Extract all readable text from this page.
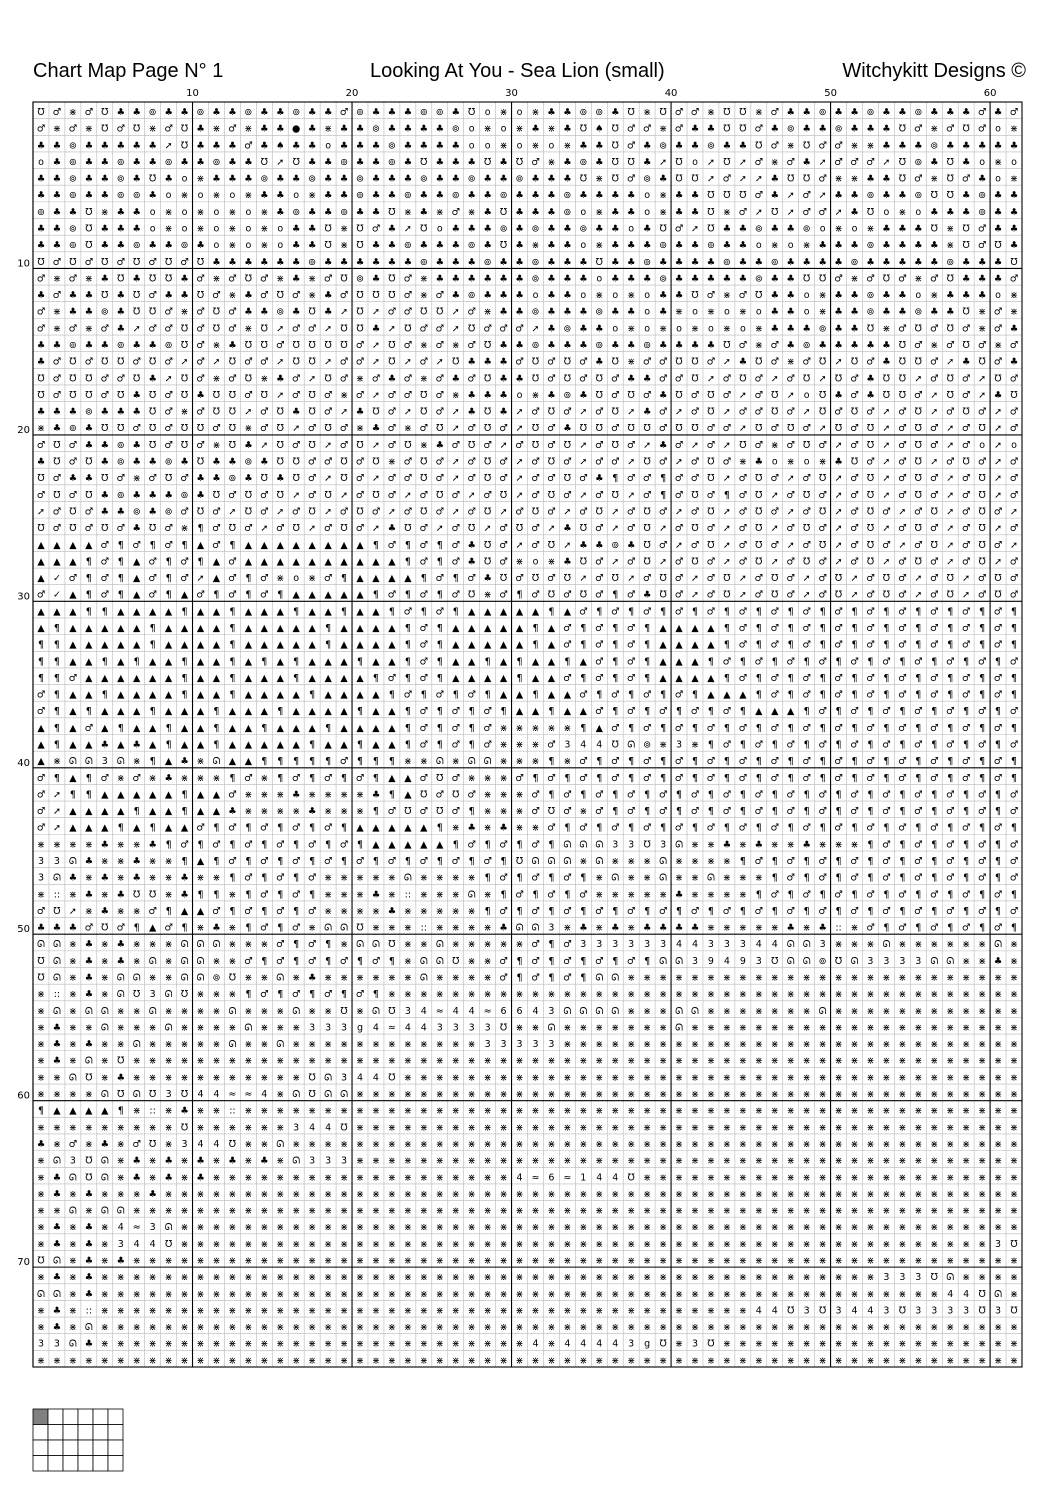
Chart Map Page N° 1	Looking At You - Sea Lion (small)	Witchykitt Designs ©
Ʊ ♂ ⋇ ♂ Ʊ ♣ ♣ ⊚ ♣ ♣ ⊚ ♣ ♣ ⊚ ♣ ♣ ⊚ ♣ ♣ ♂ ⊚ ♣ ♣ ♣ ⊚ ⊚ ♣ Ʊ o ⋇ o ⋇ ♣ ♣ ⊚ ⊚ ♣ Ʊ ⋇ Ʊ ♂ ♂ ⋇ Ʊ Ʊ ⋇ ♂ ♣ ♣ ⊚ ♣ ♣ ⊚ ♣ ♣ ⊚ ♣ ♣ ♣ ♂ ♣ ♂
♂ ⋇ ♂ ⋇ Ʊ ♂ Ʊ ⋇ ♂ Ʊ ♣ ⋇ ♂ ⋇ ♣ ♣ ● ♣ ⋇ ♣ ♣ ⊚ ♣ ♣ ♣ ♣ ⊚ o ⋇ o ⋇ ♣ ⋇ ♣ Ʊ ♠ Ʊ ♂ ♂ ⋇ ♂ ♣ ♣ Ʊ Ʊ ♂ ♣ ⊚ ♣ ♣ ⊚ ♣ ♣ ♣ Ʊ ♂ ⋇ ♂ Ʊ ♂ o ⋇
♣ ♣ ⊚ ♣ ♣ ♣ ♣ ♣ ➚ Ʊ ♣ ♣ ♣ ♂ ♣ ♠ ♣ ♣ o ♣ ♣ ♣ ⊚ ♣ ♣ ♣ ♣ o o ⋇ o ⋇ o ⋇ ♣ ♣ Ʊ ♂ ♣ ⊚ ♣ ♣ ⊚ ♣ ♣ Ʊ ♂ ⋇ Ʊ ♂ ♂ ⋇ ⋇ ♣ ♣ ♣ ⊚ ♣ ♣ ♣ ♣ ♣
o ♣ ⊚ ♣ ♣ ⊚ ♣ ♣ ⊚ ♣ ♣ ⊚ ♣ ♣ Ʊ ➚ Ʊ ♣ ♣ ⊚ ♣ ♣ ⊚ ♣ Ʊ ♣ ♣ ♣ Ʊ ♣ Ʊ ♂ ⋇ ♣ ⊚ ♣ Ʊ Ʊ ♣ ➚ Ʊ o ➚ Ʊ ➚ ♂ ⋇ ♂ ♣ ➚ ♂ ♂ ♂ ➚ Ʊ ⊚ ♣ Ʊ ♣ o ⋇ o
♣ ♣ ⊚ ♣ ♣ ⊚ ♣ Ʊ ♣ o ⋇ ♣ ♣ ♣ ⊚ ♣ ♣ ⊚ ♣ ♣ ⊚ ♣ ♣ ♣ ⊚ ♣ ♣ ⊚ ♣ ♣ ⊚ ♣ ♣ ♣ Ʊ ⋇ Ʊ ♂ ⊚ ♣ Ʊ Ʊ ➚ ♂ ➚ ➚ ♣ Ʊ Ʊ ♂ ⋇ ⋇ ♣ ♣ Ʊ ♂ ⋇ Ʊ ♂ ♣ o ⋇
♣ ♣ ⊚ ♣ ♣ ⊚ ⊚ ♣ o ⋇ o ⋇ o ⋇ ♣ ♣ o ⋇ ♣ ♣ ⊚ ♣ ♣ ⊚ ♣ ♣ ⊚ ♣ ♣ ⊚ ♣ ♣ ♣ ⊚ ♣ ♣ ♣ ♣ o ⋇ ♣ ♣ Ʊ Ʊ Ʊ ♂ ♣ ➚ ♂ ➚ ♣ ♣ ⊚ ♣ ♣ ⊚ Ʊ Ʊ ♣ ⊚ ♣ ♣
⊚ ♣ ♣ Ʊ ⋇ ♣ ♣ o ⋇ o ⋇ o ⋇ o ⋇ ♣ ⊚ ♣ ♣ ⊚ ♣ ♣ Ʊ ⋇ ♣ ⋇ ♂ ⋇ ♣ Ʊ ♣ ♣ ♣ ⊚ o ⋇ ♣ ♣ o ⋇ ♣ ♣ Ʊ ⋇ ♂ ➚ Ʊ ➚ ♂ ♂ ➚ ♣ Ʊ o ⋇ o ♣ ♣ ♣ ⊚ ♣ ♣
♣ ♣ ⊚ Ʊ ♣ ♣ ♣ o ⋇ o ⋇ o ⋇ o ⋇ o ♣ ♣ Ʊ ⋇ Ʊ ♂ ♣ ➚ Ʊ o ♣ ♣ ♣ ⊚ ♣ ⊚ ♣ ♣ ⊚ ♣ ♣ o ♣ Ʊ ♂ ➚ Ʊ ♣ ♣ ⊚ ♣ ♣ ⊚ o ⋇ o ⋇ ♣ ♣ ♣ Ʊ ⋇ Ʊ ♂ ♣ ♣
♣ ♣ ⊚ Ʊ ♣ ♣ ⊚ ♣ ♣ ⊚ ♣ o ⋇ o ⋇ o ♣ ♣ Ʊ ⋇ Ʊ ♣ ♣ ⊚ ♣ ♣ ♣ ⊚ ♣ Ʊ ♣ ⋇ ♣ ♣ o ⋇ ♣ ♣ ♣ ⊚ ♣ ♣ ⊚ ♣ ♣ o ⋇ o ⋇ ♣ ♣ ♣ ⊚ ♣ ♣ ♣ ♣ ⋇ Ʊ ♂ Ʊ ♣
Ʊ ♂ Ʊ ♂ Ʊ ♂ Ʊ ♂ Ʊ ♂ Ʊ ♣ ♣ ♣ ♣ ♣ ♣ ⊚ ♣ ♣ ♣ ♣ ♣ ♣ ⊚ ♣ ♣ ♣ ⊚ ♣ ♣ ⊚ ♣ ♣ ♣ Ʊ ♣ ♣ ⊚ ♣ ♣ ♣ ♣ ⊚ ♣ ♣ ⊚ ♣ ♣ ♣ ♣ ⊚ ♣ ♣ ♣ ♣ ♣ ⊚ ♣ ♣ ♣ Ʊ
♂ ⋇ ♂ ⋇ ♣ Ʊ ♣ Ʊ Ʊ ♣ ♂ ⋇ ♂ Ʊ ♂ ⋇ ♣ ⋇ ♂ Ʊ ⊚ ♣ Ʊ ♂ ⋇ ♣ ♣ ♣ ♣ ♣ ♣ ⊚ ♣ ♣ ♣ o ♣ ♣ ♣ ⊚ ♣ ♣ ♣ ♣ ♣ ⊚ ♣ ♣ Ʊ Ʊ ♂ ⋇ ♂ Ʊ ♂ ⋇ ♂ Ʊ ♣ ♣ ♣ ♂
♣ ♂ ♣ ♣ Ʊ ♣ Ʊ ♂ ♣ ♣ Ʊ ♂ ⋇ ♣ ♂ Ʊ ♂ ⋇ ♣ ♂ Ʊ Ʊ Ʊ ♂ ⋇ ♂ ♣ ⊚ ♣ ♣ ♣ o ♣ ♣ o ⋇ o ⋇ o ♣ ♣ Ʊ ♂ ⋇ ♂ Ʊ ♣ ♣ o ⋇ ♣ ♣ ⊚ ♣ ♣ o ⋇ ♣ ♣ ♣ o ⋇
♂ ⋇ ♣ ♣ ⊚ ♣ Ʊ Ʊ ♂ ⋇ ♂ Ʊ ♂ ♣ ♣ ⊚ ♣ Ʊ ♣ ➚ Ʊ ➚ ♂ ♂ Ʊ Ʊ ➚ ♂ ⋇ ♣ ♣ ⊚ ♣ ♣ ♣ ⊚ ♣ ♣ o ♣ ⋇ o ⋇ o ⋇ o ♣ ♣ o ⋇ ♣ ♣ ⊚ ♣ ♣ ⊚ ♣ ♣ Ʊ ⋇ ♂ ⋇
♂ ⋇ ♂ ⋇ ♂ ♣ ➚ ♂ ♂ Ʊ ♂ Ʊ ♂ ⋇ Ʊ ➚ ♂ ♂ ➚ Ʊ Ʊ ♣ ➚ Ʊ ♂ ♂ ➚ Ʊ ♂ ♂ ♂ ➚ ♣ ⊚ ♣ ♣ o ⋇ o ⋇ o ⋇ o ⋇ o ⋇ ♣ ♣ ♣ ⊚ ♣ ♣ Ʊ ⋇ ♂ Ʊ ♂ Ʊ ♂ ⋇ ♂ ♣
♣ ♣ ⊚ ♣ ♣ ⊚ ♣ ♣ ⊚ Ʊ ♂ ⋇ ♣ Ʊ Ʊ ♂ Ʊ Ʊ Ʊ Ʊ ♂ ➚ Ʊ ♂ ⋇ ♂ ⋇ ♂ Ʊ ♣ ♣ ⊚ ♣ ♣ ♣ ⊚ ♣ ♣ ⊚ ♣ ♣ ♣ ♣ Ʊ ♂ ⋇ ♂ ♣ ⊚ ♣ ♣ ♣ ♣ ♣ Ʊ ♂ ⋇ ♂ Ʊ ♂ ⋇ ♂
♣ ♂ Ʊ ♂ Ʊ Ʊ ♂ Ʊ ♂ ➚ ♂ ➚ Ʊ ♂ ♂ ➚ Ʊ Ʊ ➚ ♂ ♂ ➚ Ʊ ➚ ♂ ➚ Ʊ ♣ ♣ ♣ ♂ Ʊ ♂ Ʊ ♂ ♣ Ʊ ⋇ ♂ ♂ Ʊ Ʊ ♂ ➚ ♣ Ʊ ♂ ⋇ ♂ Ʊ ➚ Ʊ ♂ ♣ Ʊ Ʊ ♂ ➚ ♣ Ʊ ♂ ♣
Ʊ ♂ Ʊ Ʊ ♂ ♂ Ʊ ♣ ➚ Ʊ ♂ ⋇ ♂ Ʊ ⋇ ♣ ♂ ➚ Ʊ ♂ ⋇ ♂ ♣ ♂ ⋇ ♂ ♣ ♂ Ʊ ♣ ♣ Ʊ ♂ Ʊ ♂ Ʊ ♂ ♣ ♣ ♂ ♂ Ʊ ➚ ♂ Ʊ ♂ ➚ ♂ Ʊ ➚ Ʊ ♂ ♣ Ʊ Ʊ ➚ ♂ Ʊ ♂ ➚ Ʊ ♂
Ʊ ♂ Ʊ Ʊ ♂ Ʊ ♣ Ʊ ♂ Ʊ ♣ Ʊ Ʊ ♂ Ʊ ➚ ♂ Ʊ ♂ ⋇ ♂ ➚ ♂ ♂ Ʊ ♂ ⋇ ♣ ♣ ♣ o ⋇ ♣ ⊚ ♣ Ʊ ♂ Ʊ ♂ ♣ Ʊ ♂ Ʊ ♂ ➚ ♂ Ʊ ➚ o Ʊ ♣ ♂ ♣ Ʊ Ʊ ♂ ➚ Ʊ ♂ ➚ ♣ Ʊ
♣ ♣ ♣ ⊚ ♣ ♣ ♣ Ʊ ♂ ⋇ ♂ Ʊ Ʊ ➚ ♂ Ʊ ♣ Ʊ ♂ ➚ ♣ Ʊ ♂ ➚ Ʊ ♂ ➚ ♣ Ʊ ♣ ➚ ♂ Ʊ ♂ ➚ ♂ Ʊ ➚ ♣ ♂ ➚ ♂ Ʊ ➚ ♂ ♂ Ʊ ♂ ➚ Ʊ ♂ Ʊ ♂ ➚ ♂ Ʊ ➚ ♂ Ʊ ♂ ➚ ♂
⋇ ♣ ⊚ ♣ Ʊ Ʊ ♂ Ʊ ♂ Ʊ Ʊ ♂ Ʊ ⋇ ♂ Ʊ ➚ ♂ Ʊ ♂ ⋇ ♣ ♂ ⋇ ♂ Ʊ ➚ ♂ Ʊ ♂ ➚ Ʊ ♂ ♣ Ʊ Ʊ ♂ Ʊ Ʊ ♂ Ʊ Ʊ ♂ ♂ ➚ Ʊ ♂ Ʊ ♂ ➚ Ʊ ♂ Ʊ ➚ ♂ Ʊ ♂ ➚ ♂ Ʊ ➚ ♂
♂ Ʊ ♂ ♣ ♣ ⊚ ♣ Ʊ ♂ Ʊ ♂ ⋇ Ʊ ♣ ➚ Ʊ ♂ Ʊ ➚ ♂ Ʊ ➚ ♂ Ʊ ⋇ ♣ ♂ Ʊ ♂ ➚ ♂ Ʊ ♂ Ʊ ➚ ♂ Ʊ ♂ ➚ ♣ ♂ ➚ ♂ ➚ Ʊ ♂ ⋇ ♂ Ʊ ♂ ➚ ♂ Ʊ ➚ ♂ Ʊ ♂ ➚ ♂ o ➚ o
♣ Ʊ ♂ Ʊ ♣ ⊚ ♣ ♣ ⊚ ♣ Ʊ ♣ ♣ ⊚ ♣ Ʊ Ʊ ♂ ♂ Ʊ ♂ Ʊ ⋇ ♂ Ʊ ♂ ➚ ♂ Ʊ ♂ ➚ ♂ Ʊ ♂ ➚ ♂ ♂ ➚ Ʊ ♂ ➚ ♂ Ʊ ♂ ⋇ ♣ o ⋇ o ⋇ ♣ Ʊ ♂ ➚ ♂ Ʊ ➚ ♂ Ʊ ♂ ➚ ♂
Ʊ ♂ ♣ ♣ Ʊ ♂ ⋇ ♂ Ʊ ♂ ♣ ♣ ⊚ ♣ Ʊ ♣ Ʊ ♂ ➚ Ʊ ♂ ➚ ♂ ♂ Ʊ ♂ ➚ ♂ Ʊ ♂ ➚ ♂ ♂ Ʊ ♂ ♣ ¶ ♂ ♂ ¶ ♂ ♂ Ʊ ➚ ♂ Ʊ ♂ ➚ ♂ Ʊ ➚ ♂ Ʊ ➚ ♂ Ʊ ♂ ➚ ♂ Ʊ ➚ ♂
♂ Ʊ ♂ Ʊ ♣ ⊚ ♣ ♣ ♣ ⊚ ♣ Ʊ ♂ Ʊ ♂ Ʊ ➚ ♂ Ʊ ➚ ♂ Ʊ ♂ ➚ ♂ Ʊ ♂ ➚ ♂ Ʊ ➚ ♂ Ʊ ♂ ➚ ♂ Ʊ ➚ ♂ ¶ ♂ Ʊ ♂ ¶ ♂ Ʊ ➚ ♂ Ʊ ♂ ➚ ♂ Ʊ ➚ ♂ Ʊ ♂ ➚ ♂ Ʊ ➚ ♂
➚ ♂ Ʊ ♂ ♣ ♣ ⊚ ♣ ⊚ ♂ Ʊ ♂ ➚ Ʊ ♂ ➚ ♂ Ʊ ➚ ♂ Ʊ ♂ ➚ ♂ Ʊ ♂ ➚ ♂ Ʊ ➚ ♂ Ʊ ♂ ➚ ♂ Ʊ ➚ ♂ Ʊ ♂ ➚ ♂ Ʊ ➚ ♂ Ʊ ♂ ➚ ♂ Ʊ ➚ ♂ Ʊ ♂ ➚ ♂ Ʊ ➚ ♂ Ʊ ♂ ➚
Ʊ ♂ Ʊ ♂ Ʊ ♂ ♣ Ʊ ♂ ⋇ ¶ ♂ Ʊ ♂ ➚ ♂ Ʊ ➚ ♂ Ʊ ♂ ➚ ♣ Ʊ ♂ ➚ ♂ Ʊ ➚ ♂ Ʊ ♂ ➚ ♣ Ʊ ♂ ➚ ♂ Ʊ ➚ ♂ Ʊ ♂ ➚ ♂ Ʊ ➚ ♂ Ʊ ♂ ➚ ♂ Ʊ ➚ ♂ Ʊ ♂ ➚ ♂ Ʊ ➚ ♂
▲ ▲ ▲ ▲ ♂ ¶ ♂ ¶ ♂ ¶ ▲ ♂ ¶ ▲ ▲ ▲ ▲ ▲ ▲ ▲ ▲ ¶ ♂ ¶ ♂ ¶ ♂ ♣ Ʊ ♂ ➚ ♂ Ʊ ➚ ♣ ♣ ⊚ ♣ Ʊ ♂ ➚ ♂ Ʊ ➚ ♂ Ʊ ♂ ➚ ♂ Ʊ ➚ ♂ Ʊ ♂ ➚ ♂ Ʊ ➚ ♂ Ʊ ♂ ➚
▲ ▲ ▲ ¶ ♂ ¶ ▲ ♂ ¶ ♂ ¶ ▲ ♂ ▲ ▲ ▲ ▲ ▲ ▲ ▲ ▲ ▲ ▲ ¶ ♂ ¶ ♂ ♣ Ʊ ♂ ⋇ o ⋇ ♣ Ʊ ♂ ➚ ♂ Ʊ ➚ ♂ Ʊ ♂ ➚ ♂ Ʊ ➚ ♂ Ʊ ♂ ➚ ♂ Ʊ ➚ ♂ Ʊ ♂ ➚ ♂ Ʊ ➚ ♂
▲ ✓ ♂ ¶ ♂ ¶ ▲ ♂ ¶ ♂ ➚ ▲ ♂ ¶ ♂ ⋇ o ⋇ ♂ ¶ ▲ ▲ ▲ ▲ ¶ ♂ ¶ ♂ ♣ Ʊ ♂ Ʊ ♂ Ʊ ➚ ♂ Ʊ ➚ ♂ Ʊ ♂ ➚ ♂ Ʊ ➚ ♂ Ʊ ♂ ➚ ♂ Ʊ ➚ ♂ Ʊ ♂ ➚ ♂ Ʊ ➚ ♂ Ʊ ♂
♂ ✓ ▲ ¶ ♂ ¶ ▲ ♂ ¶ ▲ ♂ ¶ ♂ ¶ ♂ ¶ ▲ ▲ ▲ ▲ ▲ ¶ ♂ ¶ ♂ ¶ ♂ Ʊ ⋇ ♂ ¶ ♂ Ʊ ♂ Ʊ ♂ ¶ ♂ ♣ Ʊ ♂ ➚ ♂ Ʊ ➚ ♂ Ʊ ♂ ➚ ♂ Ʊ ➚ ♂ Ʊ ♂ ➚ ♂ Ʊ ➚ ♂ Ʊ ♂
▲ ▲ ▲ ¶ ¶ ▲ ▲ ▲ ▲ ¶ ▲ ▲ ¶ ▲ ▲ ▲ ¶ ▲ ▲ ¶ ▲ ▲ ¶ ♂ ¶ ♂ ¶ ▲ ▲ ▲ ▲ ▲ ¶ ▲ ♂ ¶ ♂ ¶ ♂ ¶ ♂ ¶ ♂ ¶ ♂ ¶ ♂ ¶ ♂ ¶ ♂ ¶ ♂ ¶ ♂ ¶ ♂ ¶ ♂ ¶ ♂ ¶
▲ ¶ ▲ ▲ ▲ ▲ ▲ ¶ ▲ ▲ ▲ ▲ ¶ ▲ ▲ ▲ ▲ ▲ ¶ ▲ ▲ ▲ ▲ ¶ ♂ ¶ ▲ ▲ ▲ ▲ ▲ ¶ ▲ ♂ ¶ ♂ ¶ ♂ ¶ ▲ ▲ ▲ ▲ ¶ ♂ ¶ ♂ ¶ ♂ ¶ ♂ ¶ ♂ ¶ ♂ ¶ ♂ ¶ ♂ ¶ ♂ ¶
¶ ¶ ▲ ▲ ▲ ▲ ▲ ¶ ▲ ▲ ▲ ▲ ¶ ▲ ▲ ▲ ▲ ▲ ¶ ▲ ▲ ▲ ▲ ¶ ♂ ¶ ▲ ▲ ▲ ▲ ▲ ¶ ▲ ♂ ¶ ♂ ¶ ♂ ¶ ▲ ▲ ▲ ▲ ¶ ♂ ¶ ♂ ¶ ♂ ¶ ♂ ¶ ♂ ¶ ♂ ¶ ♂ ¶ ♂ ¶ ♂ ¶
¶ ¶ ▲ ▲ ¶ ▲ ¶ ▲ ▲ ¶ ▲ ▲ ¶ ▲ ¶ ▲ ¶ ▲ ▲ ▲ ¶ ▲ ▲ ¶ ♂ ¶ ▲ ▲ ¶ ▲ ¶ ▲ ▲ ¶ ▲ ♂ ¶ ♂ ¶ ▲ ▲ ▲ ¶ ♂ ¶ ♂ ¶ ♂ ¶ ♂ ¶ ♂ ¶ ♂ ¶ ♂ ¶ ♂ ¶ ♂ ¶ ♂
¶ ¶ ♂ ▲ ▲ ▲ ▲ ▲ ▲ ¶ ▲ ▲ ¶ ▲ ▲ ▲ ¶ ▲ ▲ ▲ ▲ ¶ ♂ ¶ ♂ ¶ ▲ ▲ ▲ ▲ ¶ ▲ ▲ ♂ ¶ ♂ ¶ ♂ ¶ ▲ ▲ ▲ ▲ ¶ ♂ ¶ ♂ ¶ ♂ ¶ ♂ ¶ ♂ ¶ ♂ ¶ ♂ ¶ ♂ ¶ ♂ ¶
♂ ¶ ▲ ▲ ¶ ▲ ▲ ▲ ▲ ¶ ▲ ▲ ¶ ▲ ▲ ▲ ▲ ¶ ▲ ▲ ▲ ▲ ¶ ♂ ¶ ♂ ¶ ♂ ¶ ▲ ▲ ¶ ▲ ▲ ♂ ¶ ♂ ¶ ♂ ¶ ♂ ¶ ▲ ▲ ▲ ¶ ♂ ¶ ♂ ¶ ♂ ¶ ♂ ¶ ♂ ¶ ♂ ¶ ♂ ¶ ♂ ¶
♂ ¶ ▲ ¶ ▲ ▲ ▲ ¶ ▲ ▲ ▲ ¶ ▲ ▲ ▲ ¶ ▲ ▲ ▲ ▲ ¶ ▲ ▲ ¶ ♂ ¶ ♂ ¶ ♂ ¶ ▲ ▲ ¶ ▲ ▲ ♂ ¶ ♂ ¶ ♂ ¶ ♂ ¶ ♂ ¶ ▲ ▲ ▲ ¶ ♂ ¶ ♂ ¶ ♂ ¶ ♂ ¶ ♂ ¶ ♂ ¶ ♂
▲ ¶ ▲ ♂ ▲ ¶ ▲ ▲ ¶ ▲ ▲ ¶ ▲ ▲ ¶ ▲ ▲ ▲ ¶ ▲ ▲ ▲ ▲ ¶ ♂ ¶ ♂ ¶ ♂ ⋇ ⋇ ⋇ ⋇ ⋇ ¶ ▲ ♂ ¶ ♂ ¶ ♂ ¶ ♂ ¶ ♂ ¶ ♂ ¶ ♂ ¶ ♂ ¶ ♂ ¶ ♂ ¶ ♂ ¶ ♂ ¶ ♂ ¶
▲ ¶ ▲ ▲ ♣ ▲ ♣ ▲ ¶ ▲ ▲ ¶ ▲ ▲ ▲ ▲ ▲ ¶ ▲ ▲ ¶ ▲ ▲ ¶ ♂ ¶ ♂ ¶ ♂ ⋇ ⋇ ⋇ ♂ 3 4 4 Ʊ ᘏ ⊚ ⋇ 3 ⋇ ¶ ♂ ¶ ♂ ¶ ♂ ¶ ♂ ¶ ♂ ¶ ♂ ¶ ♂ ¶ ♂ ¶ ♂ ¶ ♂
▲ ⋇ ᘏ ᘏ 3 ᘏ ⋇ ¶ ▲ ♣ ⋇ ᘏ ▲ ▲ ¶ ¶ ¶ ¶ ¶ ♂ ¶ ¶ ¶ ⋇ ⋇ ᘏ ⋇ ᘏ ᘏ ⋇ ⋇ ⋇ ¶ ⋇ ♂ ¶ ♂ ¶ ♂ ¶ ♂ ¶ ♂ ¶ ♂ ¶ ♂ ¶ ♂ ¶ ♂ ¶ ♂ ¶ ♂ ¶ ♂ ¶ ♂ ¶ ♂ ¶
♂ ¶ ▲ ¶ ♂ ⋇ ♂ ⋇ ♣ ⋇ ⋇ ⋇ ¶ ♂ ⋇ ¶ ♂ ¶ ♂ ¶ ♂ ¶ ▲ ▲ ♂ Ʊ ♂ ⋇ ⋇ ⋇ ♂ ¶ ♂ ¶ ♂ ¶ ♂ ¶ ♂ ¶ ♂ ¶ ♂ ¶ ♂ ¶ ♂ ¶ ♂ ¶ ♂ ¶ ♂ ¶ ♂ ¶ ♂ ¶ ♂ ¶ ♂ ¶
♂ ➚ ¶ ¶ ▲ ▲ ▲ ▲ ▲ ¶ ▲ ▲ ♂ ⋇ ⋇ ⋇ ♣ ⋇ ⋇ ⋇ ⋇ ♣ ¶ ▲ Ʊ ♂ Ʊ ♂ ⋇ ⋇ ⋇ ♂ ¶ ♂ ¶ ♂ ¶ ♂ ¶ ♂ ¶ ♂ ¶ ♂ ¶ ♂ ¶ ♂ ¶ ♂ ¶ ♂ ¶ ♂ ¶ ♂ ¶ ♂ ¶ ♂ ¶ ♂
♂ ➚ ▲ ▲ ▲ ▲ ¶ ▲ ▲ ¶ ▲ ▲ ♣ ⋇ ⋇ ⋇ ⋇ ♣ ⋇ ⋇ ⋇ ¶ ♂ Ʊ ♂ Ʊ ♂ ¶ ⋇ ⋇ ⋇ ♂ Ʊ ♂ ⋇ ♂ ¶ ♂ ¶ ♂ ¶ ♂ ¶ ♂ ¶ ♂ ¶ ♂ ¶ ♂ ¶ ♂ ¶ ♂ ¶ ♂ ¶ ♂ ¶ ♂ ¶ ♂
♂ ➚ ▲ ▲ ▲ ¶ ▲ ¶ ▲ ▲ ♂ ¶ ♂ ¶ ♂ ¶ ♂ ¶ ♂ ¶ ▲ ▲ ▲ ▲ ▲ ¶ ⋇ ♣ ⋇ ♣ ⋇ ⋇ ♂ ¶ ♂ ¶ ♂ ¶ ♂ ¶ ♂ ¶ ♂ ¶ ♂ ¶ ♂ ¶ ♂ ¶ ♂ ¶ ♂ ¶ ♂ ¶ ♂ ¶ ♂ ¶ ♂ ¶
⋇ ⋇ ⋇ ⋇ ♣ ⋇ ⋇ ♣ ¶ ♂ ¶ ♂ ¶ ♂ ¶ ♂ ¶ ♂ ¶ ♂ ¶ ▲ ▲ ▲ ▲ ▲ ¶ ♂ ¶ ♂ ¶ ♂ ¶ ᘏ ᘏ ᘏ 3 3 Ʊ 3 ᘏ ⋇ ⋇ ♣ ⋇ ♣ ⋇ ⋇ ♣ ⋇ ⋇ ⋇ ¶ ♂ ¶ ♂ ¶ ♂ ¶ ♂ ¶ ♂
3 3 ᘏ ♣ ⋇ ⋇ ♣ ⋇ ⋇ ¶ ▲ ¶ ♂ ¶ ♂ ¶ ♂ ¶ ♂ ¶ ♂ ¶ ♂ ¶ ♂ ¶ ♂ ¶ ♂ ¶ Ʊ ᘏ ᘏ ᘏ ⋇ ᘏ ⋇ ⋇ ⋇ ᘏ ⋇ ⋇ ⋇ ⋇ ¶ ♂ ¶ ♂ ¶ ♂ ¶ ♂ ¶ ♂ ¶ ♂ ¶ ♂ ¶ ♂ ¶ ♂
3 ᘏ ♣ ⋇ ♣ ⋇ ♣ ⋇ ⋇ ♣ ⋇ ⋇ ¶ ♂ ¶ ♂ ¶ ♂ ⋇ ⋇ ⋇ ⋇ ⋇ ᘏ ⋇ ⋇ ⋇ ⋇ ¶ ♂ ¶ ♂ ¶ ♂ ¶ ⋇ ᘏ ⋇ ⋇ ᘏ ⋇ ⋇ ᘏ ⋇ ⋇ ⋇ ¶ ♂ ¶ ♂ ¶ ♂ ¶ ♂ ¶ ♂ ¶ ♂ ¶ ♂ ¶ ♂
⋇ :: ⋇ ♣ ⋇ ♣ Ʊ Ʊ ⋇ ♣ ¶ ¶ ⋇ ¶ ♂ ¶ ♂ ¶ ⋇ ⋇ ⋇ ♣ ⋇ :: ⋇ ⋇ ⋇ ᘏ ⋇ ¶ ♂ ¶ ♂ ¶ ♂ ⋇ ⋇ ⋇ ⋇ ⋇ ♣ ⋇ ⋇ ⋇ ⋇ ¶ ♂ ¶ ♂ ¶ ♂ ¶ ♂ ¶ ♂ ¶ ♂ ¶ ♂ ¶ ♂ ¶
♂ Ʊ ➚ ⋇ ♣ ⋇ ⋇ ♂ ¶ ▲ ▲ ♂ ¶ ♂ ¶ ♂ ¶ ♂ ⋇ ⋇ ⋇ ⋇ ♣ ⋇ ⋇ ⋇ ⋇ ⋇ ¶ ♂ ¶ ♂ ¶ ♂ ¶ ♂ ¶ ♂ ¶ ♂ ¶ ♂ ¶ ♂ ¶ ♂ ¶ ♂ ¶ ♂ ¶ ♂ ¶ ♂ ¶ ♂ ¶ ♂ ¶ ♂ ¶ ♂
♣ ♣ ♣ ♂ Ʊ ♂ ¶ ▲ ♂ ¶ ⋇ ♣ ⋇ ¶ ♂ ¶ ♂ ⋇ ᘏ ᘏ Ʊ ⋇ ⋇ ⋇ :: ⋇ ⋇ ⋇ ⋇ ♣ ᘏ ᘏ 3 ⋇ ♣ ⋇ ♣ ⋇ ♣ ♣ ♣ ♣ ⋇ ⋇ ⋇ ⋇ ⋇ ♣ ⋇ ♣ :: ⋇ ♂ ¶ ♂ ¶ ♂ ¶ ♂ ¶ ♂ ¶
ᘏ ᘏ ⋇ ♣ ⋇ ♣ ⋇ ⋇ ⋇ ᘏ ᘏ ᘏ ⋇ ⋇ ⋇ ♂ ¶ ♂ ¶ ⋇ ᘏ ᘏ Ʊ ⋇ ⋇ ᘏ ⋇ ⋇ ⋇ ⋇ ⋇ ♂ ¶ ♂ 3 3 3 3 3 3 4 4 3 3 3 4 4 ᘏ ᘏ 3 ⋇ ⋇ ⋇ ᘏ ⋇ ⋇ ⋇ ⋇ ⋇ ⋇ ᘏ ⋇
Ʊ ᘏ ⋇ ♣ ⋇ ♣ ⋇ ᘏ ⋇ ᘏ ᘏ ⋇ ⋇ ♂ ¶ ♂ ¶ ♂ ¶ ♂ ¶ ♂ ¶ ⋇ ᘏ ᘏ Ʊ ⋇ ⋇ ♂ ¶ ♂ ¶ ♂ ¶ ♂ ¶ ♂ ¶ ᘏ ᘏ 3 9 4 9 3 Ʊ ᘏ ᘏ ⊚ Ʊ ᘏ 3 3 3 3 ᘏ ᘏ ⋇ ⋇ ♣ ⋇
Ʊ ᘏ ⋇ ♣ ⋇ ᘏ ᘏ ⋇ ⋇ ᘏ ᘏ ⊚ Ʊ ⋇ ⋇ ᘏ ⋇ ♣ ⋇ ⋇ ⋇ ⋇ ⋇ ⋇ ᘏ ⋇ ⋇ ⋇ ⋇ ♂ ¶ ♂ ¶ ♂ ¶ ᘏ ᘏ ⋇ ⋇ ⋇ ⋇ ⋇ ⋇ ⋇ ⋇ ⋇ ⋇ ⋇ ⋇ ⋇ ⋇ ⋇ ⋇ ⋇ ⋇ ⋇ ⋇ ⋇ ⋇ ⋇ ⋇ ⋇
⋇ :: ⋇ ♣ ⋇ ᘏ Ʊ 3 ᘏ Ʊ ⋇ ⋇ ⋇ ¶ ♂ ¶ ♂ ¶ ♂ ¶ ♂ ¶ ⋇ ⋇ ⋇ ⋇ ⋇ ⋇ ⋇ ⋇ ⋇ ⋇ ⋇ ⋇ ⋇ ⋇ ⋇ ⋇ ⋇ ⋇ ⋇ ⋇ ⋇ ⋇ ⋇ ⋇ ⋇ ⋇ ⋇ ⋇ ⋇ ⋇ ⋇ ⋇ ⋇ ⋇ ⋇ ⋇ ⋇ ⋇ ⋇ ⋇
⋇ ᘏ ⋇ ᘏ ᘏ ⋇ ⋇ ᘏ ⋇ ⋇ ⋇ ⋇ ᘏ ⋇ ⋇ ⋇ ᘏ ⋇ ⋇ Ʊ ⋇ ᘏ Ʊ 3 4 ≈ 4 4 ≈ 6 6 4 3 ᘏ ᘏ ᘏ ᘏ ⋇ ⋇ ⋇ ᘏ ᘏ ⋇ ⋇ ⋇ ⋇ ⋇ ⋇ ⋇ ᘏ ⋇ ⋇ ⋇ ⋇ ⋇ ⋇ ⋇ ⋇ ⋇ ⋇ ⋇ ⋇
⋇ ♣ ⋇ ⋇ ᘏ ⋇ ⋇ ⋇ ᘏ ⋇ ⋇ ⋇ ⋇ ᘏ ⋇ ⋇ ⋇ 3 3 3 g 4 ≈ 4 4 3 3 3 3 Ʊ ⋇ ⋇ ᘏ ⋇ ⋇ ⋇ ⋇ ⋇ ⋇ ⋇ ᘏ ⋇ ⋇ ⋇ ⋇ ⋇ ⋇ ⋇ ⋇ ⋇ ⋇ ⋇ ⋇ ⋇ ⋇ ⋇ ⋇ ⋇ ⋇ ⋇ ⋇ ⋇
⋇ ♣ ⋇ ♣ ⋇ ⋇ ᘏ ⋇ ⋇ ⋇ ⋇ ⋇ ᘏ ⋇ ⋇ ᘏ ⋇ ⋇ ⋇ ⋇ ⋇ ⋇ ⋇ ⋇ ⋇ ⋇ ⋇ ⋇ 3 3 3 3 3 ⋇ ⋇ ⋇ ⋇ ⋇ ⋇ ⋇ ⋇ ⋇ ⋇ ⋇ ⋇ ⋇ ⋇ ⋇ ⋇ ⋇ ⋇ ⋇ ⋇ ⋇ ⋇ ⋇ ⋇ ⋇ ⋇ ⋇ ⋇ ⋇
⋇ ♣ ⋇ ᘏ ⋇ Ʊ ⋇ ⋇ ⋇ ⋇ ⋇ ⋇ ⋇ ⋇ ⋇ ⋇ ⋇ ⋇ ⋇ ⋇ ⋇ ⋇ ⋇ ⋇ ⋇ ⋇ ⋇ ⋇ ⋇ ⋇ ⋇ ⋇ ⋇ ⋇ ⋇ ⋇ ⋇ ⋇ ⋇ ⋇ ⋇ ⋇ ⋇ ⋇ ⋇ ⋇ ⋇ ⋇ ⋇ ⋇ ⋇ ⋇ ⋇ ⋇ ⋇ ⋇ ⋇ ⋇ ⋇ ⋇ ⋇ ⋇
⋇ ⋇ ᘏ Ʊ ⋇ ♣ ⋇ ⋇ ⋇ ⋇ ⋇ ⋇ ⋇ ⋇ ⋇ ⋇ ⋇ Ʊ ᘏ 3 4 4 Ʊ ⋇ ⋇ ⋇ ⋇ ⋇ ⋇ ⋇ ⋇ ⋇ ⋇ ⋇ ⋇ ⋇ ⋇ ⋇ ⋇ ⋇ ⋇ ⋇ ⋇ ⋇ ⋇ ⋇ ⋇ ⋇ ⋇ ⋇ ⋇ ⋇ ⋇ ⋇ ⋇ ⋇ ⋇ ⋇ ⋇ ⋇ ⋇ ⋇
⋇ ⋇ ⋇ ⋇ ᘏ Ʊ ᘏ Ʊ 3 Ʊ 4 4 ≈ ≈ 4 ⋇ ᘏ Ʊ ᘏ ᘏ ⋇ ⋇ ⋇ ⋇ ⋇ ⋇ ⋇ ⋇ ⋇ ⋇ ⋇ ⋇ ⋇ ⋇ ⋇ ⋇ ⋇ ⋇ ⋇ ⋇ ⋇ ⋇ ⋇ ⋇ ⋇ ⋇ ⋇ ⋇ ⋇ ⋇ ⋇ ⋇ ⋇ ⋇ ⋇ ⋇ ⋇ ⋇ ⋇ ⋇ ⋇ ⋇
¶ ▲ ▲ ▲ ▲ ¶ ⋇ :: ⋇ ♣ ⋇ ⋇ :: ⋇ ⋇ ⋇ ⋇ ⋇ ⋇ ⋇ ⋇ ⋇ ⋇ ⋇ ⋇ ⋇ ⋇ ⋇ ⋇ ⋇ ⋇ ⋇ ⋇ ⋇ ⋇ ⋇ ⋇ ⋇ ⋇ ⋇ ⋇ ⋇ ⋇ ⋇ ⋇ ⋇ ⋇ ⋇ ⋇ ⋇ ⋇ ⋇ ⋇ ⋇ ⋇ ⋇ ⋇ ⋇ ⋇ ⋇ ⋇ ⋇
⋇ ⋇ ⋇ ⋇ ⋇ ⋇ ⋇ ⋇ ⋇ Ʊ ⋇ ⋇ ⋇ ⋇ ⋇ ⋇ 3 4 4 Ʊ ⋇ ⋇ ⋇ ⋇ ⋇ ⋇ ⋇ ⋇ ⋇ ⋇ ⋇ ⋇ ⋇ ⋇ ⋇ ⋇ ⋇ ⋇ ⋇ ⋇ ⋇ ⋇ ⋇ ⋇ ⋇ ⋇ ⋇ ⋇ ⋇ ⋇ ⋇ ⋇ ⋇ ⋇ ⋇ ⋇ ⋇ ⋇ ⋇ ⋇ ⋇ ⋇
♣ ⋇ ♂ ⋇ ♣ ⋇ ♂ Ʊ ⋇ 3 4 4 Ʊ ⋇ ⋇ ᘏ ⋇ ⋇ ⋇ ⋇ ⋇ ⋇ ⋇ ⋇ ⋇ ⋇ ⋇ ⋇ ⋇ ⋇ ⋇ ⋇ ⋇ ⋇ ⋇ ⋇ ⋇ ⋇ ⋇ ⋇ ⋇ ⋇ ⋇ ⋇ ⋇ ⋇ ⋇ ⋇ ⋇ ⋇ ⋇ ⋇ ⋇ ⋇ ⋇ ⋇ ⋇ ⋇ ⋇ ⋇ ⋇ ⋇
⋇ ᘏ 3 Ʊ ᘏ ⋇ ♣ ⋇ ♣ ⋇ ♣ ⋇ ♣ ⋇ ♣ ⋇ ᘏ 3 3 3 ⋇ ⋇ ⋇ ⋇ ⋇ ⋇ ⋇ ⋇ ⋇ ⋇ ⋇ ⋇ ⋇ ⋇ ⋇ ⋇ ⋇ ⋇ ⋇ ⋇ ⋇ ⋇ ⋇ ⋇ ⋇ ⋇ ⋇ ⋇ ⋇ ⋇ ⋇ ⋇ ⋇ ⋇ ⋇ ⋇ ⋇ ⋇ ⋇ ⋇ ⋇ ⋇
⋇ ♣ ᘏ Ʊ ᘏ ⋇ ♣ ⋇ ♣ ⋇ ♣ ⋇ ⋇ ⋇ ⋇ ⋇ ⋇ ⋇ ⋇ ⋇ ⋇ ⋇ ⋇ ⋇ ⋇ ⋇ ⋇ ⋇ ⋇ ⋇ 4 ≈ 6 ≈ 1 4 4 Ʊ ⋇ ⋇ ⋇ ⋇ ⋇ ⋇ ⋇ ⋇ ⋇ ⋇ ⋇ ⋇ ⋇ ⋇ ⋇ ⋇ ⋇ ⋇ ⋇ ⋇ ⋇ ⋇ ⋇ ⋇
⋇ ♣ ⋇ ♣ ⋇ ⋇ ⋇ ♣ ⋇ ⋇ ⋇ ⋇ ⋇ ⋇ ⋇ ⋇ ⋇ ⋇ ⋇ ⋇ ⋇ ⋇ ⋇ ⋇ ⋇ ⋇ ⋇ ⋇ ⋇ ⋇ ⋇ ⋇ ⋇ ⋇ ⋇ ⋇ ⋇ ⋇ ⋇ ⋇ ⋇ ⋇ ⋇ ⋇ ⋇ ⋇ ⋇ ⋇ ⋇ ⋇ ⋇ ⋇ ⋇ ⋇ ⋇ ⋇ ⋇ ⋇ ⋇ ⋇ ⋇ ⋇
⋇ ⋇ ᘏ ⋇ ᘏ ᘏ ⋇ ⋇ ⋇ ⋇ ⋇ ⋇ ⋇ ⋇ ⋇ ⋇ ⋇ ⋇ ⋇ ⋇ ⋇ ⋇ ⋇ ⋇ ⋇ ⋇ ⋇ ⋇ ⋇ ⋇ ⋇ ⋇ ⋇ ⋇ ⋇ ⋇ ⋇ ⋇ ⋇ ⋇ ⋇ ⋇ ⋇ ⋇ ⋇ ⋇ ⋇ ⋇ ⋇ ⋇ ⋇ ⋇ ⋇ ⋇ ⋇ ⋇ ⋇ ⋇ ⋇ ⋇ ⋇ ⋇
⋇ ♣ ⋇ ♣ ⋇ 4 ≈ 3 ᘏ ⋇ ⋇ ⋇ ⋇ ⋇ ⋇ ⋇ ⋇ ⋇ ⋇ ⋇ ⋇ ⋇ ⋇ ⋇ ⋇ ⋇ ⋇ ⋇ ⋇ ⋇ ⋇ ⋇ ⋇ ⋇ ⋇ ⋇ ⋇ ⋇ ⋇ ⋇ ⋇ ⋇ ⋇ ⋇ ⋇ ⋇ ⋇ ⋇ ⋇ ⋇ ⋇ ⋇ ⋇ ⋇ ⋇ ⋇ ⋇ ⋇ ⋇ ⋇ ⋇ ⋇
⋇ ♣ ⋇ ♣ ⋇ 3 4 4 Ʊ ⋇ ⋇ ⋇ ⋇ ⋇ ⋇ ⋇ ⋇ ⋇ ⋇ ⋇ ⋇ ⋇ ⋇ ⋇ ⋇ ⋇ ⋇ ⋇ ⋇ ⋇ ⋇ ⋇ ⋇ ⋇ ⋇ ⋇ ⋇ ⋇ ⋇ ⋇ ⋇ ⋇ ⋇ ⋇ ⋇ ⋇ ⋇ ⋇ ⋇ ⋇ ⋇ ⋇ ⋇ ⋇ ⋇ ⋇ ⋇ ⋇ ⋇ ⋇ 3 Ʊ
Ʊ ᘏ ⋇ ♣ ⋇ ♣ ⋇ ⋇ ⋇ ⋇ ⋇ ⋇ ⋇ ⋇ ⋇ ⋇ ⋇ ⋇ ⋇ ⋇ ⋇ ⋇ ⋇ ⋇ ⋇ ⋇ ⋇ ⋇ ⋇ ⋇ ⋇ ⋇ ⋇ ⋇ ⋇ ⋇ ⋇ ⋇ ⋇ ⋇ ⋇ ⋇ ⋇ ⋇ ⋇ ⋇ ⋇ ⋇ ⋇ ⋇ ⋇ ⋇ ⋇ ⋇ ⋇ ⋇ ⋇ ⋇ ⋇ ⋇ ⋇ ⋇
⋇ ♣ ⋇ ♣ ⋇ ⋇ ⋇ ⋇ ⋇ ⋇ ⋇ ⋇ ⋇ ⋇ ⋇ ⋇ ⋇ ⋇ ⋇ ⋇ ⋇ ⋇ ⋇ ⋇ ⋇ ⋇ ⋇ ⋇ ⋇ ⋇ ⋇ ⋇ ⋇ ⋇ ⋇ ⋇ ⋇ ⋇ ⋇ ⋇ ⋇ ⋇ ⋇ ⋇ ⋇ ⋇ ⋇ ⋇ ⋇ ⋇ ⋇ ⋇ ⋇ 3 3 3 Ʊ ᘏ ⋇ ⋇ ⋇ ⋇
ᘏ ᘏ ⋇ ♣ ⋇ ⋇ ⋇ ⋇ ⋇ ⋇ ⋇ ⋇ ⋇ ⋇ ⋇ ⋇ ⋇ ⋇ ⋇ ⋇ ⋇ ⋇ ⋇ ⋇ ⋇ ⋇ ⋇ ⋇ ⋇ ⋇ ⋇ ⋇ ⋇ ⋇ ⋇ ⋇ ⋇ ⋇ ⋇ ⋇ ⋇ ⋇ ⋇ ⋇ ⋇ ⋇ ⋇ ⋇ ⋇ ⋇ ⋇ ⋇ ⋇ ⋇ ⋇ ⋇ ⋇ 4 4 Ʊ ᘏ ⋇
⋇ ♣ ⋇ :: ⋇ ⋇ ⋇ ⋇ ⋇ ⋇ ⋇ ⋇ ⋇ ⋇ ⋇ ⋇ ⋇ ⋇ ⋇ ⋇ ⋇ ⋇ ⋇ ⋇ ⋇ ⋇ ⋇ ⋇ ⋇ ⋇ ⋇ ⋇ ⋇ ⋇ ⋇ ⋇ ⋇ ⋇ ⋇ ⋇ ⋇ ⋇ ⋇ ⋇ ⋇ 4 4 Ʊ 3 Ʊ 3 4 4 3 Ʊ 3 3 3 3 Ʊ 3 Ʊ
⋇ ♣ ⋇ ᘏ ⋇ ⋇ ⋇ ⋇ ⋇ ⋇ ⋇ ⋇ ⋇ ⋇ ⋇ ⋇ ⋇ ⋇ ⋇ ⋇ ⋇ ⋇ ⋇ ⋇ ⋇ ⋇ ⋇ ⋇ ⋇ ⋇ ⋇ ⋇ ⋇ ⋇ ⋇ ⋇ ⋇ ⋇ ⋇ ⋇ ⋇ ⋇ ⋇ ⋇ ⋇ ⋇ ⋇ ⋇ ⋇ ⋇ ⋇ ⋇ ⋇ ⋇ ⋇ ⋇ ⋇ ⋇ ⋇ ⋇ ⋇ ⋇
3 3 ᘏ ♣ ⋇ ⋇ ⋇ ⋇ ⋇ ⋇ ⋇ ⋇ ⋇ ⋇ ⋇ ⋇ ⋇ ⋇ ⋇ ⋇ ⋇ ⋇ ⋇ ⋇ ⋇ ⋇ ⋇ ⋇ ⋇ ⋇ ⋇ 4 ⋇ 4 4 4 4 3 g Ʊ ⋇ 3 Ʊ ⋇ ⋇ ⋇ ⋇ ⋇ ⋇ ⋇ ⋇ ⋇ ⋇ ⋇ ⋇ ⋇ ⋇ ⋇ ⋇ ⋇ ⋇ ⋇
⋇ ⋇ ⋇ ⋇ ⋇ ⋇ ⋇ ⋇ ⋇ ⋇ ⋇ ⋇ ⋇ ⋇ ⋇ ⋇ ⋇ ⋇ ⋇ ⋇ ⋇ ⋇ ⋇ ⋇ ⋇ ⋇ ⋇ ⋇ ⋇ ⋇ ⋇ ⋇ ⋇ ⋇ ⋇ ⋇ ⋇ ⋇ ⋇ ⋇ ⋇ ⋇ ⋇ ⋇ ⋇ ⋇ ⋇ ⋇ ⋇ ⋇ ⋇ ⋇ ⋇ ⋇ ⋇ ⋇ ⋇ ⋇ ⋇ ⋇ ⋇ ⋇
10	20	30	40	50	60
10
20
30
40
50
60
70
